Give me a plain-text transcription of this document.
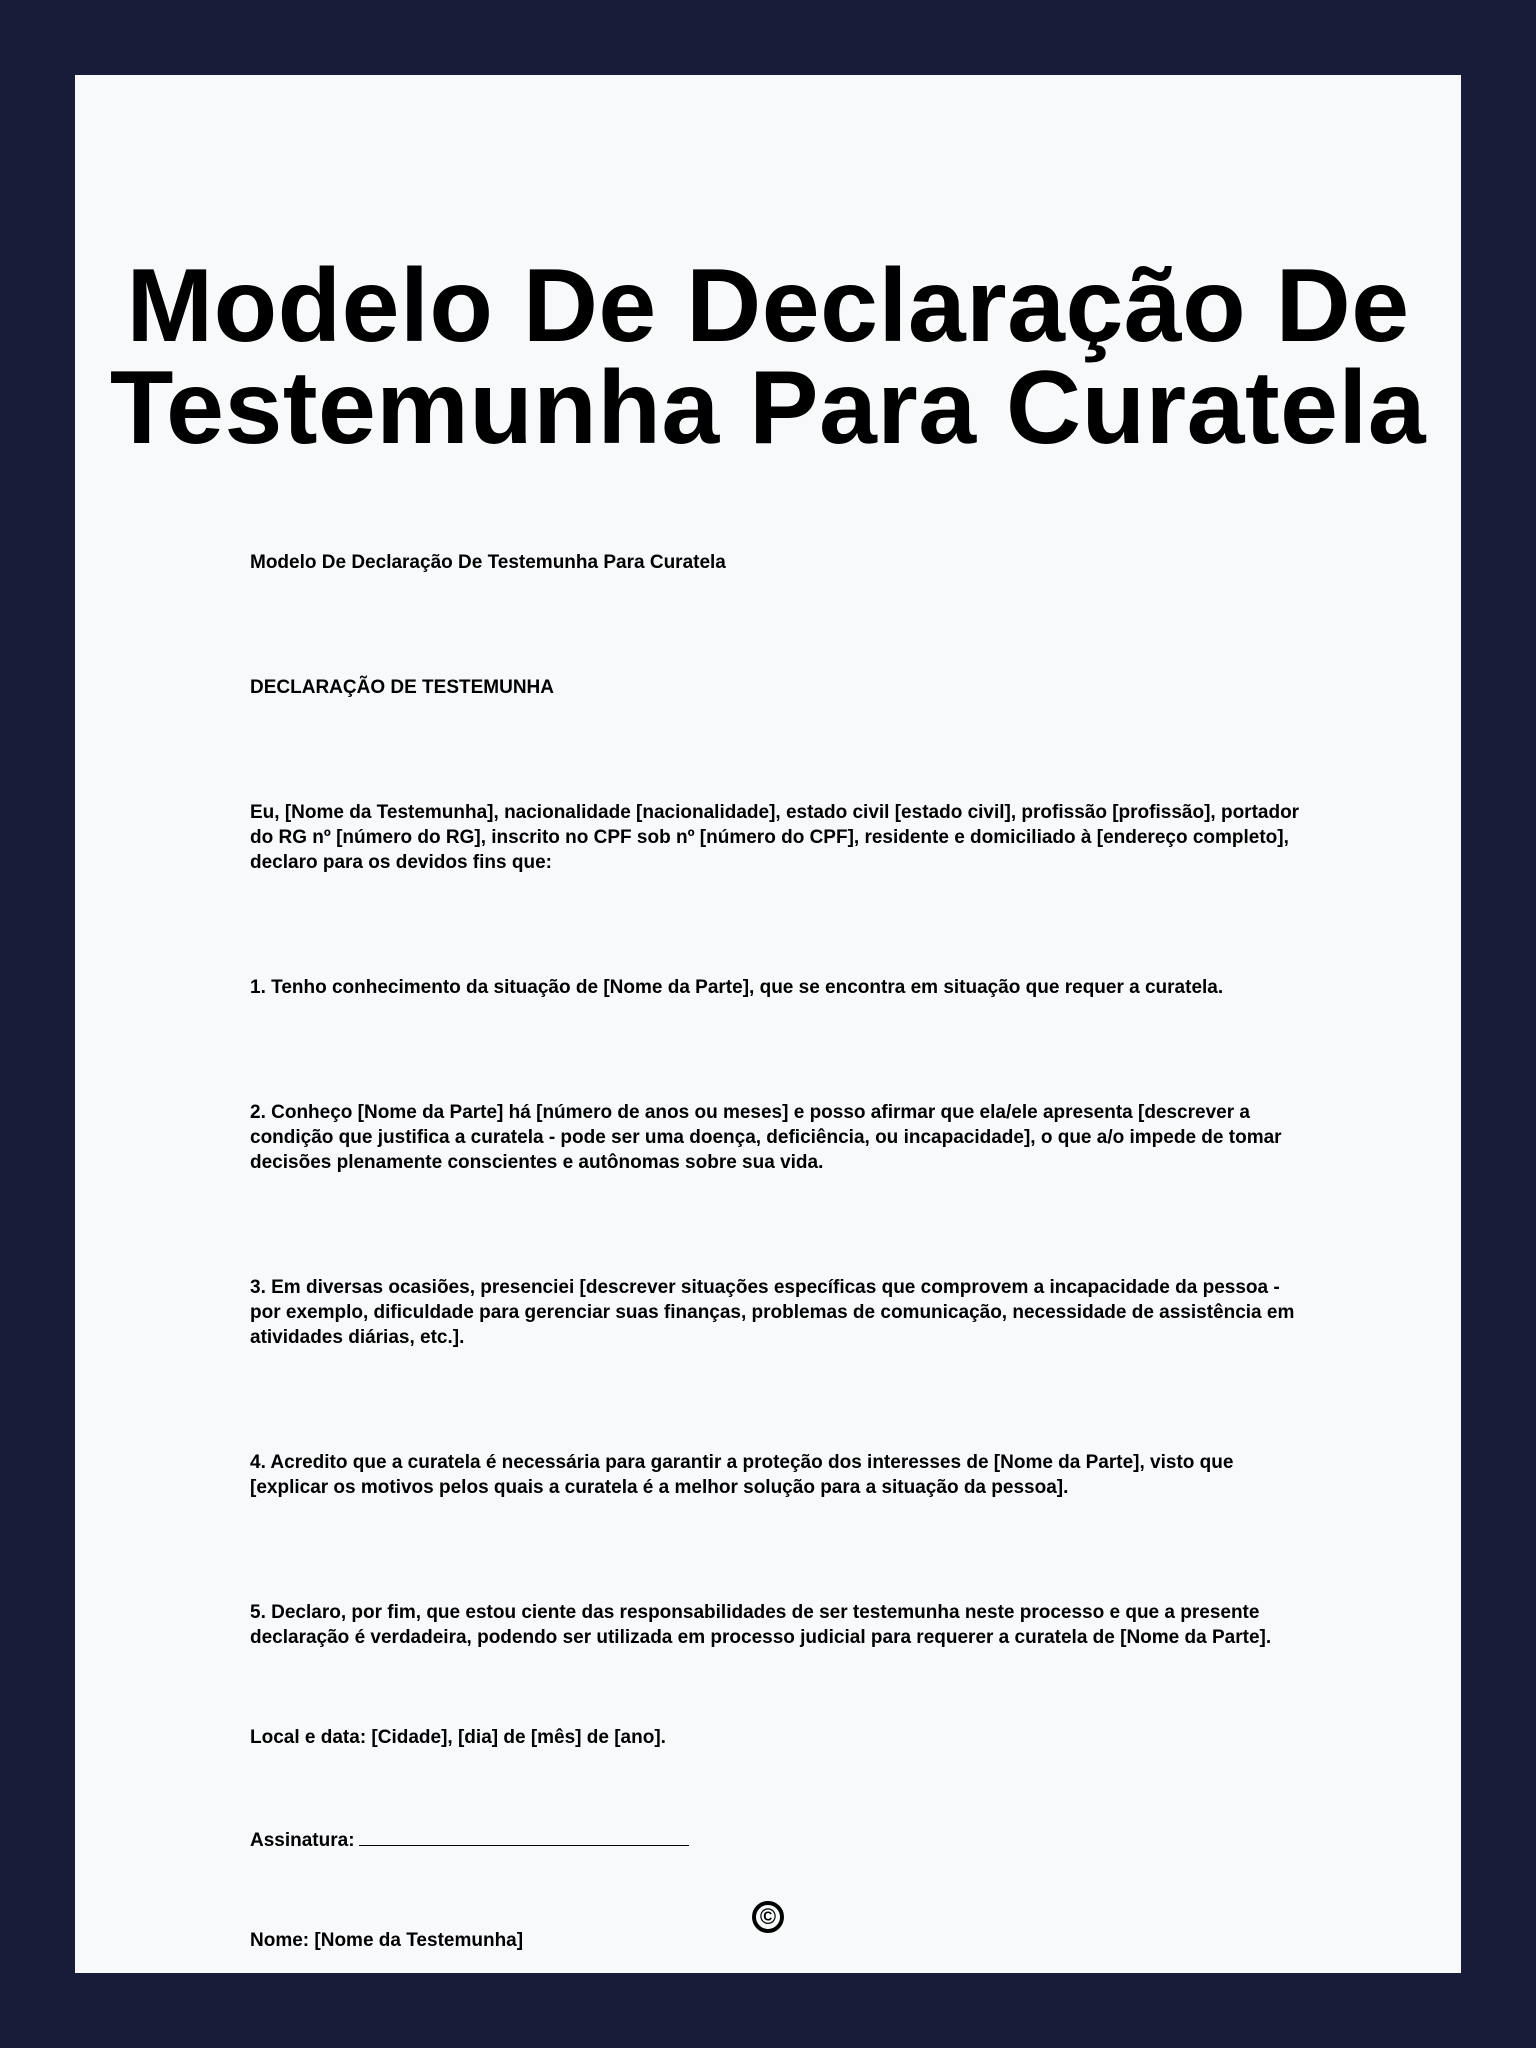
Modelo De Declaração De
Testemunha Para Curatela

Modelo De Declaração De Testemunha Para Curatela

DECLARAÇÃO DE TESTEMUNHA

Eu, [Nome da Testemunha], nacionalidade [nacionalidade], estado civil [estado civil], profissão [profissão], portador do RG nº [número do RG], inscrito no CPF sob nº [número do CPF], residente e domiciliado à [endereço completo], declaro para os devidos fins que:

1. Tenho conhecimento da situação de [Nome da Parte], que se encontra em situação que requer a curatela.

2. Conheço [Nome da Parte] há [número de anos ou meses] e posso afirmar que ela/ele apresenta [descrever a condição que justifica a curatela - pode ser uma doença, deficiência, ou incapacidade], o que a/o impede de tomar decisões plenamente conscientes e autônomas sobre sua vida.

3. Em diversas ocasiões, presenciei [descrever situações específicas que comprovem a incapacidade da pessoa - por exemplo, dificuldade para gerenciar suas finanças, problemas de comunicação, necessidade de assistência em atividades diárias, etc.].

4. Acredito que a curatela é necessária para garantir a proteção dos interesses de [Nome da Parte], visto que [explicar os motivos pelos quais a curatela é a melhor solução para a situação da pessoa].

5. Declaro, por fim, que estou ciente das responsabilidades de ser testemunha neste processo e que a presente declaração é verdadeira, podendo ser utilizada em processo judicial para requerer a curatela de [Nome da Parte].

Local e data: [Cidade], [dia] de [mês] de [ano].

Assinatura:

Nome: [Nome da Testemunha]

©
